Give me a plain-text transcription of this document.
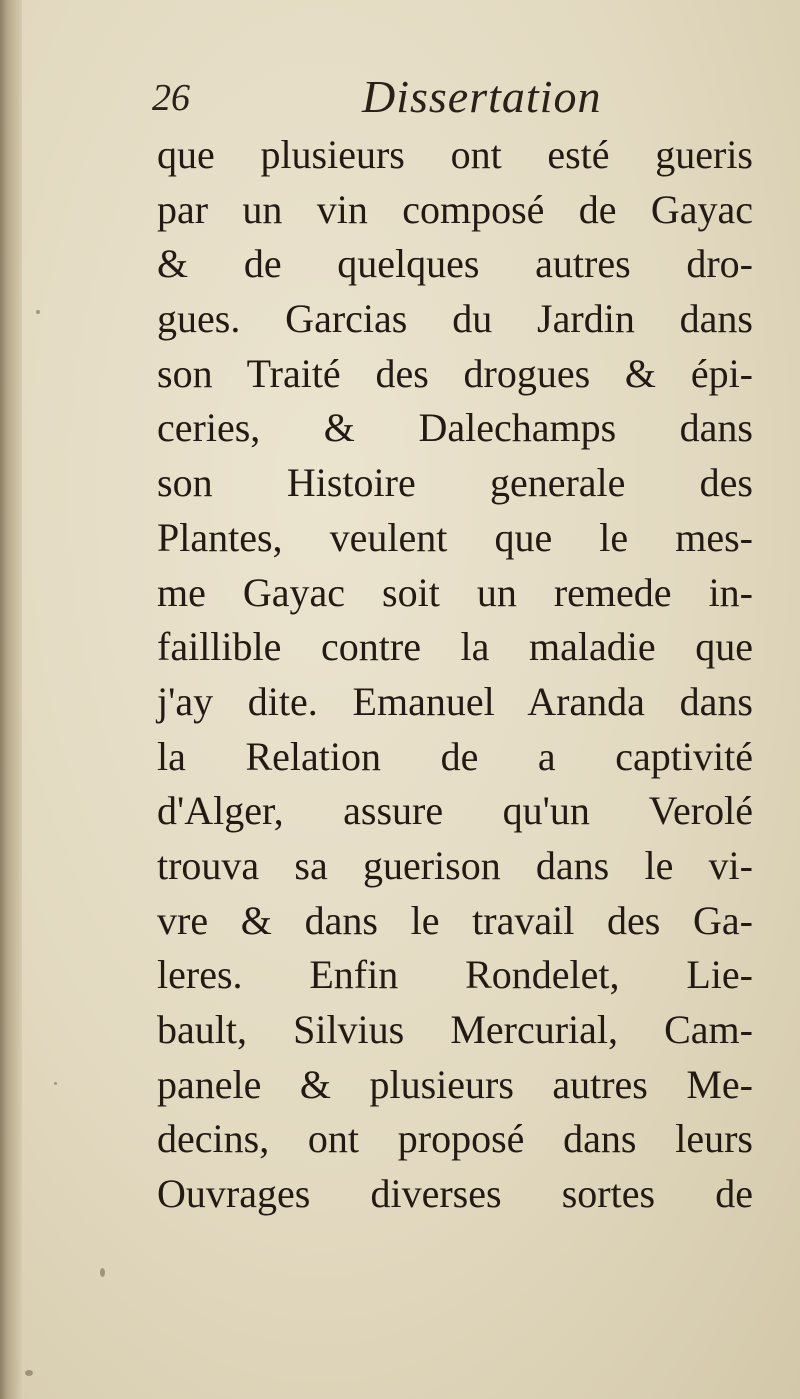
26	Dissertation
que plusieurs ont esté gueris
par un vin composé de Gayac
& de quelques autres dro-
gues. Garcias du Jardin dans
son Traité des drogues & épi-
ceries, & Dalechamps dans
son Histoire generale des
Plantes, veulent que le mes-
me Gayac soit un remede in-
faillible contre la maladie que
j'ay dite. Emanuel Aranda dans
la Relation de a captivité
d'Alger, assure qu'un Verolé
trouva sa guerison dans le vi-
vre & dans le travail des Ga-
leres. Enfin Rondelet, Lie-
bault, Silvius Mercurial, Cam-
panele & plusieurs autres Me-
decins, ont proposé dans leurs
Ouvrages diverses sortes de
